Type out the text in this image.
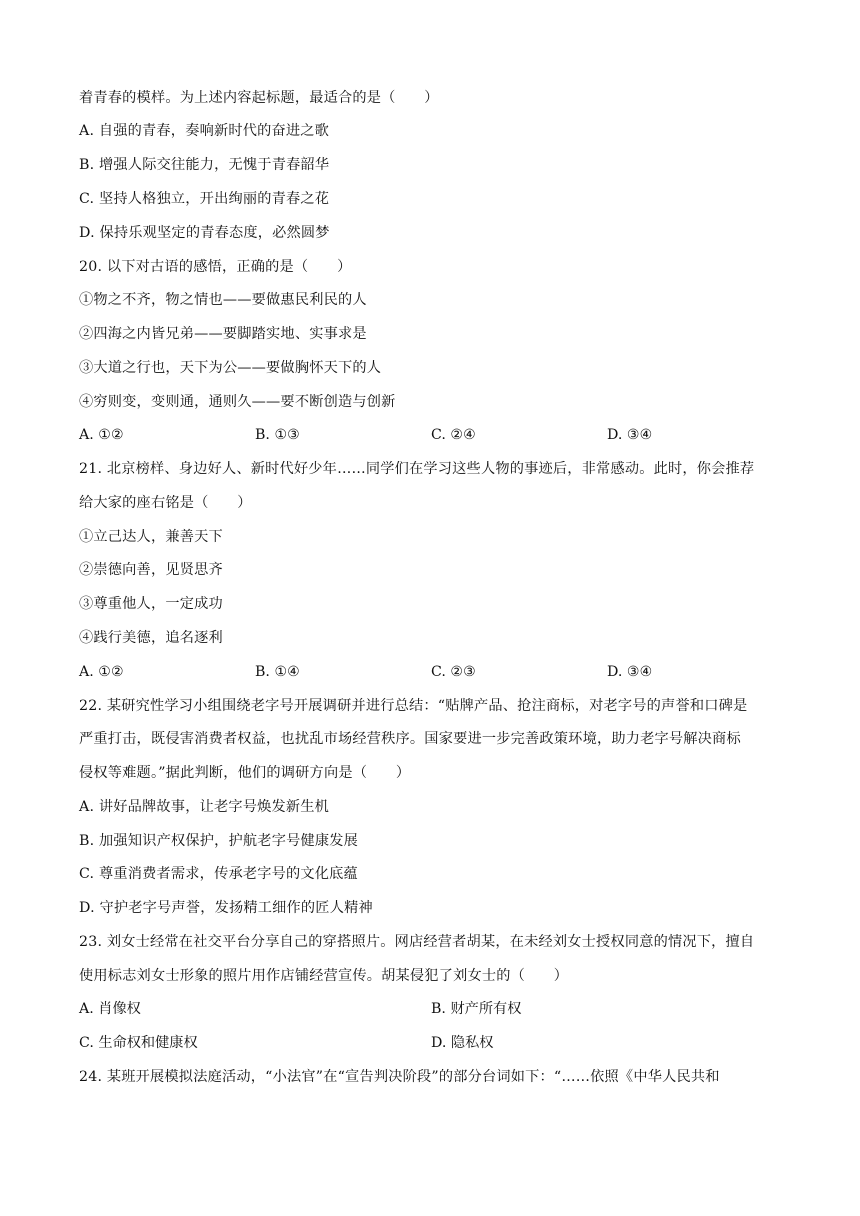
着青春的模样。为上述内容起标题，最适合的是（　　）
A. 自强的青春，奏响新时代的奋进之歌
B. 增强人际交往能力，无愧于青春韶华
C. 坚持人格独立，开出绚丽的青春之花
D. 保持乐观坚定的青春态度，必然圆梦
20. 以下对古语的感悟，正确的是（　　）
①物之不齐，物之情也——要做惠民利民的人
②四海之内皆兄弟——要脚踏实地、实事求是
③大道之行也，天下为公——要做胸怀天下的人
④穷则变，变则通，通则久——要不断创造与创新
A. ①②	B. ①③	C. ②④	D. ③④
21. 北京榜样、身边好人、新时代好少年……同学们在学习这些人物的事迹后，非常感动。此时，你会推荐
给大家的座右铭是（　　）
①立己达人，兼善天下
②崇德向善，见贤思齐
③尊重他人，一定成功
④践行美德，追名逐利
A. ①②	B. ①④	C. ②③	D. ③④
22. 某研究性学习小组围绕老字号开展调研并进行总结：“贴牌产品、抢注商标，对老字号的声誉和口碑是
严重打击，既侵害消费者权益，也扰乱市场经营秩序。国家要进一步完善政策环境，助力老字号解决商标
侵权等难题。”据此判断，他们的调研方向是（　　）
A. 讲好品牌故事，让老字号焕发新生机
B. 加强知识产权保护，护航老字号健康发展
C. 尊重消费者需求，传承老字号的文化底蕴
D. 守护老字号声誉，发扬精工细作的匠人精神
23. 刘女士经常在社交平台分享自己的穿搭照片。网店经营者胡某，在未经刘女士授权同意的情况下，擅自
使用标志刘女士形象的照片用作店铺经营宣传。胡某侵犯了刘女士的（　　）
A. 肖像权	B. 财产所有权
C. 生命权和健康权	D. 隐私权
24. 某班开展模拟法庭活动，“小法官”在“宣告判决阶段”的部分台词如下：“……依照《中华人民共和
